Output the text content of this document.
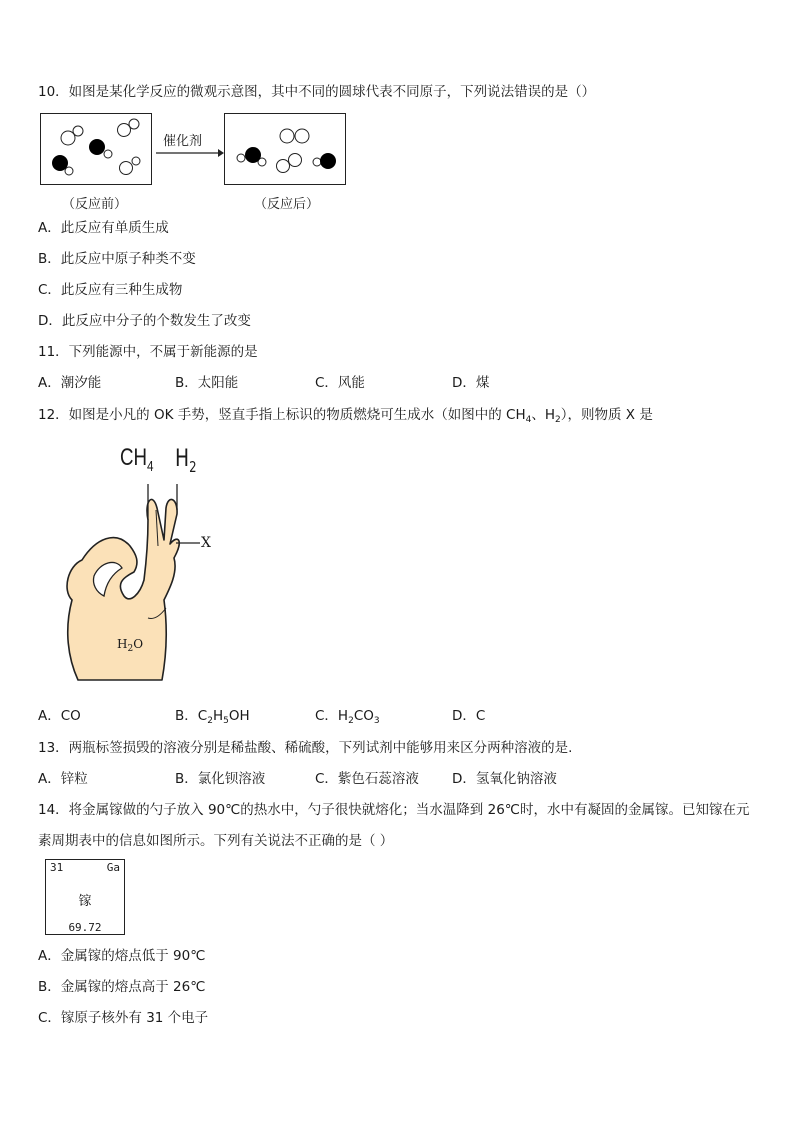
10．如图是某化学反应的微观示意图，其中不同的圆球代表不同原子，下列说法错误的是（）
催化剂
（反应前）	（反应后）
A．此反应有单质生成
B．此反应中原子种类不变
C．此反应有三种生成物
D．此反应中分子的个数发生了改变
11．下列能源中，不属于新能源的是
A．潮汐能	B．太阳能	C．风能	D．煤
12．如图是小凡的 OK 手势，竖直手指上标识的物质燃烧可生成水（如图中的 $CH_4$、$H_2$），则物质 X 是
$CH_4$ $H_2$
X
$H_2O$
A．CO	B．$C_2H_5OH$	C．$H_2CO_3$	D．C
13．两瓶标签损毁的溶液分别是稀盐酸、稀硫酸，下列试剂中能够用来区分两种溶液的是.
A．锌粒	B．氯化钡溶液	C．紫色石蕊溶液 D．氢氧化钠溶液
14．将金属镓做的勺子放入 90℃的热水中，勺子很快就熔化；当水温降到 26℃时，水中有凝固的金属镓。已知镓在元
素周期表中的信息如图所示。下列有关说法不正确的是（ ）
31	Ga
镓
69.72
A．金属镓的熔点低于 90℃
B．金属镓的熔点高于 26℃
C．镓原子核外有 31 个电子
